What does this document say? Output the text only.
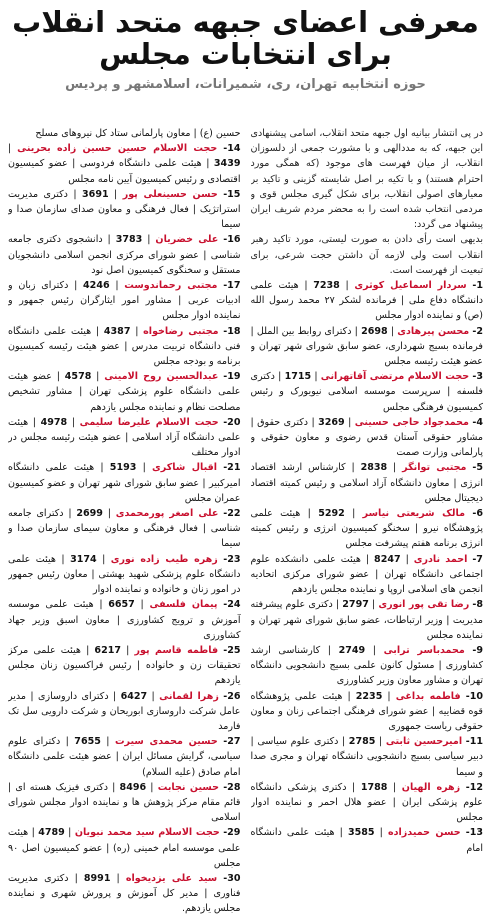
معرفی اعضای جبهه متحد انقلاب
برای انتخابات مجلس
حوزه انتخابیه تهران، ری، شمیرانات، اسلامشهر و پردیس

در پی انتشار بیانیه اول جبهه متحد انقلاب، اسامی پیشنهادی این جبهه، که به مددالهی و با مشورت جمعی از دلسوزان انقلاب، از میان فهرست های موجود (که همگی مورد احترام هستند) و با تکیه بر اصل شایسته گزینی و تاکید بر معیارهای اصولی انقلاب، برای شکل گیری مجلس قوی و مردمی انتخاب شده است را به محضر مردم شریف ایران پیشنهاد می گردد:

بدیهی است رأی دادن به صورت لیستی، مورد تاکید رهبر انقلاب است ولی لازمه آن داشتن حجت شرعی، برای تبعیت از فهرست است.

1- سردار اسماعیل کوثری | 7238 | هیئت علمی دانشگاه دفاع ملی | فرمانده لشکر ۲۷ محمد رسول الله (ص) و نماینده ادوار مجلس

2- محسن پیرهادی | 2698 | دکترای روابط بین الملل | فرمانده بسیج شهرداری، عضو سابق شورای شهر تهران و عضو هیئت رئیسه مجلس

3- حجت الاسلام مرتضی آقاتهرانی | 1715 | دکتری فلسفه | سرپرست موسسه اسلامی نیویورک و رئیس کمیسیون فرهنگی مجلس

4- محمدجواد حاجی حسینی | 3269 | دکتری حقوق | مشاور حقوقی آستان قدس رضوی و معاون حقوقی و پارلمانی وزارت صمت

5- مجتبی توانگر | 2838 | کارشناس ارشد اقتصاد انرژی | معاون دانشگاه آزاد اسلامی و رئیس کمیته اقتصاد دیجیتال مجلس

6- مالک شریعتی نیاسر | 5292 | هیئت علمی پژوهشگاه نیرو | سخنگو کمیسیون انرژی و رئیس کمیته انرژی برنامه هفتم پیشرفت مجلس

7- احمد نادری | 8247 | هیئت علمی دانشکده علوم اجتماعی دانشگاه تهران | عضو شورای مرکزی اتحادیه انجمن های اسلامی اروپا و نماینده مجلس یازدهم

8- رضا تقی پور انوری | 2797 | دکتری علوم پیشرفته مدیریت | وزیر ارتباطات، عضو سابق شورای شهر تهران و نماینده مجلس

9- محمدباسر ترابی | 2749 | کارشناسی ارشد کشاورزی | مسئول کانون علمی بسیج دانشجویی دانشگاه تهران و مشاور معاون وزیر کشاورزی

10- فاطمه بداغی | 2235 | هیئت علمی پژوهشگاه قوه قضاییه | عضو شورای فرهنگی اجتماعی زنان و معاون حقوقی ریاست جمهوری

11- امیرحسین ثابتی | 2785 | دکتری علوم سیاسی | دبیر سیاسی بسیج دانشجویی دانشگاه تهران و مجری صدا و سیما

12- زهره الهیان | 1788 | دکتری پزشکی دانشگاه علوم پزشکی ایران | عضو هلال احمر و نماینده ادوار مجلس

13- حسن حمیدزاده | 3585 | هیئت علمی دانشگاه امام

حسین (ع) | معاون پارلمانی ستاد کل نیروهای مسلح

14- حجت الاسلام حسین حسین زاده بحرینی | 3439 | هیئت علمی دانشگاه فردوسی | عضو کمیسیون اقتصادی و رئیس کمیسیون آیین نامه مجلس

15- حسن حسینعلی پور | 3691 | دکتری مدیریت استراتژیک | فعال فرهنگی و معاون صدای سازمان صدا و سیما

16- علی خضریان | 3783 | دانشجوی دکتری جامعه شناسی | عضو شورای مرکزی انجمن اسلامی دانشجویان مستقل و سخنگوی کمیسیون اصل نود

17- مجتبی رحماندوست | 4246 | دکترای زبان و ادبیات عربی | مشاور امور ایثارگران رئیس جمهور و نماینده ادوار مجلس

18- مجتبی رضاخواه | 4387 | هیئت علمی دانشگاه فنی دانشگاه تربیت مدرس | عضو هیئت رئیسه کمیسیون برنامه و بودجه مجلس

19- عبدالحسین روح الامینی | 4578 | عضو هیئت علمی دانشگاه علوم پزشکی تهران | مشاور تشخیص مصلحت نظام و نماینده مجلس یازدهم

20- حجت الاسلام علیرضا سلیمی | 4978 | هیئت علمی دانشگاه آزاد اسلامی | عضو هیئت رئیسه مجلس در ادوار مختلف

21- اقبال شاکری | 5193 | هیئت علمی دانشگاه امیرکبیر | عضو سابق شورای شهر تهران و عضو کمیسیون عمران مجلس

22- علی اصغر پورمحمدی | 2699 | دکترای جامعه شناسی | فعال فرهنگی و معاون سیمای سازمان صدا و سیما

23- زهره طیب زاده نوری | 3174 | هیئت علمی دانشگاه علوم پزشکی شهید بهشتی | معاون رئیس جمهور در امور زنان و خانواده و نماینده ادوار

24- پیمان فلسفی | 6657 | هیئت علمی موسسه آموزش و ترویج کشاورزی | معاون اسبق وزیر جهاد کشاورزی

25- فاطمه قاسم پور | 6217 | هیئت علمی مرکز تحقیقات زن و خانواده | رئیس فراکسیون زنان مجلس یازدهم

26- زهرا لقمانی | 6427 | دکترای داروسازی | مدیر عامل شرکت داروسازی ابوریحان و شرکت دارویی سل تک فارمد

27- حسین محمدی سیرت | 7655 | دکترای علوم سیاسی، گرایش مسائل ایران | عضو هیئت علمی دانشگاه امام صادق (علیه السلام)

28- حسین نجابت | 8496 | دکتری فیزیک هسته ای | قائم مقام مرکز پژوهش ها و نماینده ادوار مجلس شورای اسلامی

29- حجت الاسلام سید محمد نبویان | 4789 | هیئت علمی موسسه امام خمینی (ره) | عضو کمیسیون اصل ۹۰ مجلس

30- سید علی یزدیخواه | 8991 | دکتری مدیریت فناوری | مدیر کل آموزش و پرورش شهری و نماینده مجلس یازدهم.
